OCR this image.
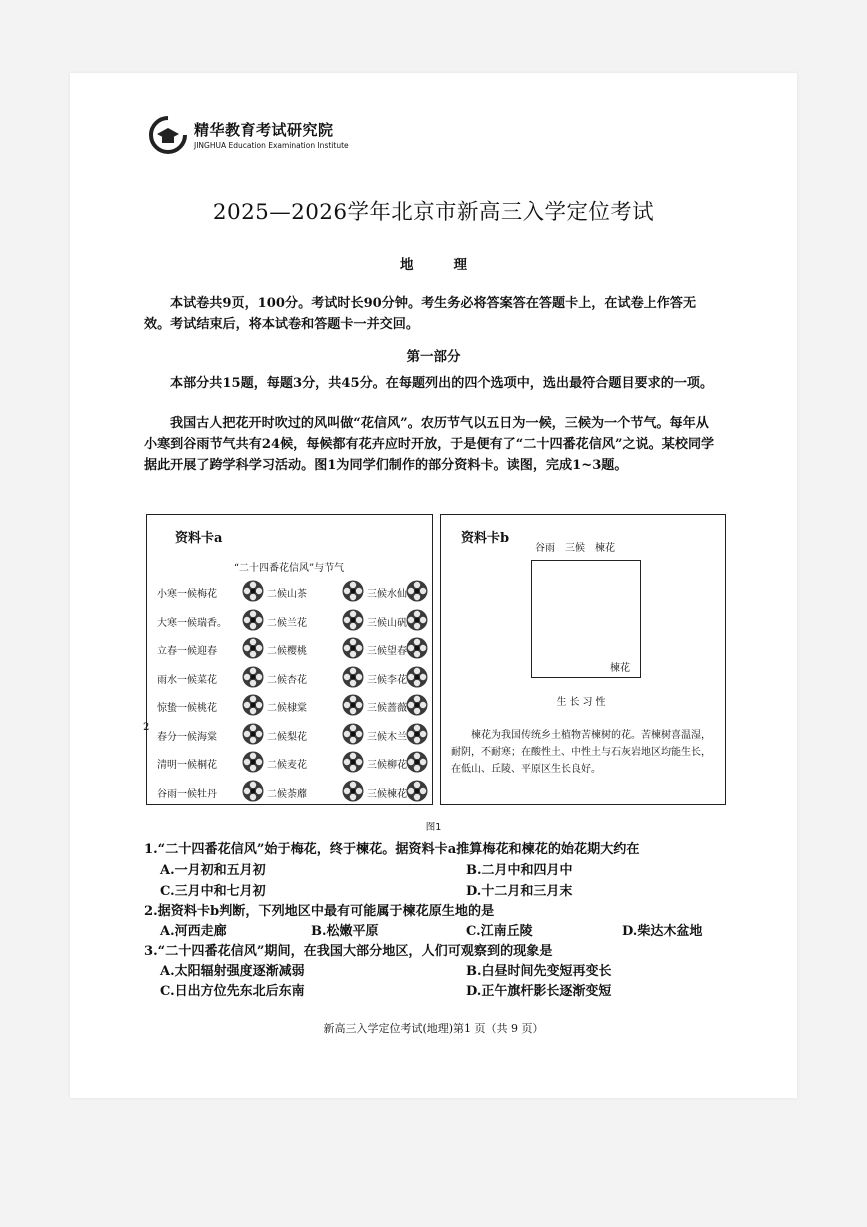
精华教育考试研究院
JINGHUA Education Examination Institute
2025—2026学年北京市新高三入学定位考试
地理
本试卷共9页，100分。考试时长90分钟。考生务必将答案答在答题卡上，在试卷上作答无效。考试结束后，将本试卷和答题卡一并交回。
第一部分
本部分共15题，每题3分，共45分。在每题列出的四个选项中，选出最符合题目要求的一项。
我国古人把花开时吹过的风叫做“花信风”。农历节气以五日为一候，三候为一个节气。每年从小寒到谷雨节气共有24候，每候都有花卉应时开放，于是便有了“二十四番花信风”之说。某校同学据此开展了跨学科学习活动。图1为同学们制作的部分资料卡。读图，完成1~3题。
资料卡a
“二十四番花信风”与节气
小寒一候梅花	二候山茶	三候水仙
大寒一候瑞香。	二候兰花	三候山矾
立春一候迎春	二候樱桃	三候望春
雨水一候菜花	二候杏花	三候李花
惊蛰一候桃花	二候棣棠	三候蔷薇
春分一候海棠	二候梨花	三候木兰
清明一候桐花	二候麦花	三候柳花
谷雨一候牡丹	二候荼蘼	三候楝花
资料卡b
谷雨　三候　楝花
楝花
生长习性
楝花为我国传统乡土植物苦楝树的花。苦楝树喜温湿，耐阴，不耐寒；在酸性土、中性土与石灰岩地区均能生长，在低山、丘陵、平原区生长良好。
2
图1
1.“二十四番花信风”始于梅花，终于楝花。据资料卡a推算梅花和楝花的始花期大约在
A.一月初和五月初	B.二月中和四月中
C.三月中和七月初	D.十二月和三月末
2.据资料卡b判断，下列地区中最有可能属于楝花原生地的是
A.河西走廊	B.松嫩平原	C.江南丘陵	D.柴达木盆地
3.“二十四番花信风”期间，在我国大部分地区，人们可观察到的现象是
A.太阳辐射强度逐渐减弱	B.白昼时间先变短再变长
C.日出方位先东北后东南	D.正午旗杆影长逐渐变短
新高三入学定位考试(地理)第1 页（共 9 页）
